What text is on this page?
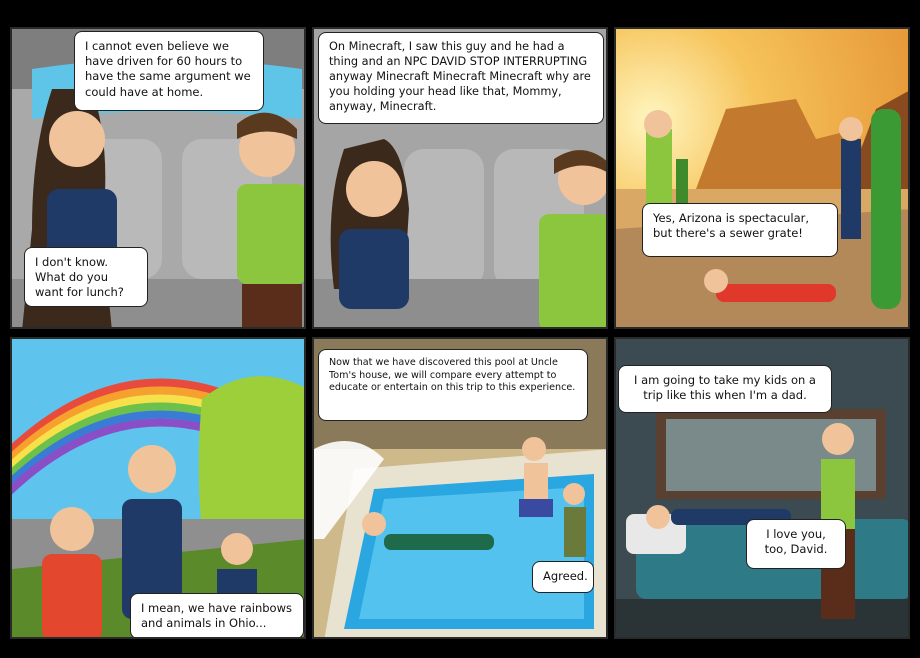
I cannot even believe we have driven for 60 hours to have the same argument we could have at home.
I don't know. What do you want for lunch?
On Minecraft, I saw this guy and he had a thing and an NPC DAVID STOP INTERRUPTING anyway Minecraft Minecraft Minecraft why are you holding your head like that, Mommy, anyway, Minecraft.
Yes, Arizona is spectacular, but there's a sewer grate!
I mean, we have rainbows and animals in Ohio...
Now that we have discovered this pool at Uncle Tom's house, we will compare every attempt to educate or entertain on this trip to this experience.
Agreed.
I am going to take my kids on a trip like this when I'm a dad.
I love you, too, David.
